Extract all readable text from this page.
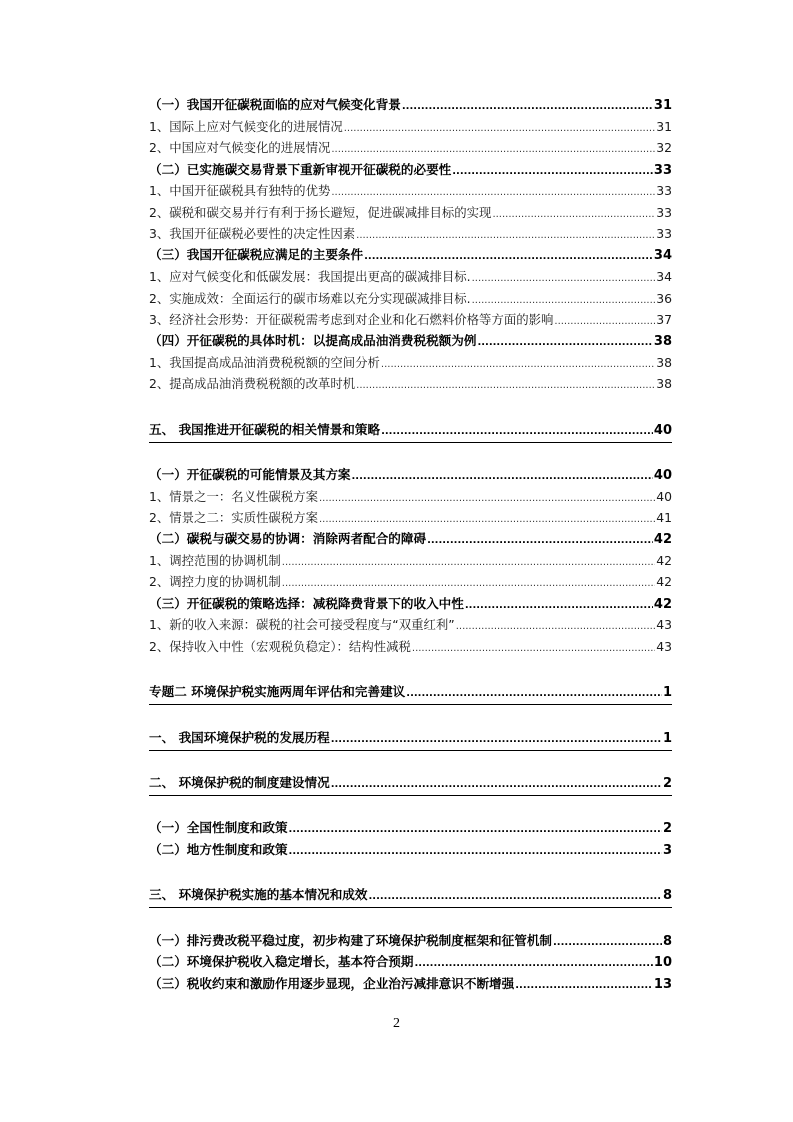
（一）我国开征碳税面临的应对气候变化背景 .....	31
1、国际上应对气候变化的进展情况 .....	31
2、中国应对气候变化的进展情况 .....	32
（二）已实施碳交易背景下重新审视开征碳税的必要性 .....	33
1、中国开征碳税具有独特的优势 .....	33
2、碳税和碳交易并行有利于扬长避短，促进碳减排目标的实现 .....	33
3、我国开征碳税必要性的决定性因素 .....	33
（三）我国开征碳税应满足的主要条件 .....	34
1、应对气候变化和低碳发展：我国提出更高的碳减排目标. .....	34
2、实施成效：全面运行的碳市场难以充分实现碳减排目标. .....	36
3、经济社会形势：开征碳税需考虑到对企业和化石燃料价格等方面的影响 .....	37
（四）开征碳税的具体时机：以提高成品油消费税税额为例 .....	38
1、我国提高成品油消费税税额的空间分析 .....	38
2、提高成品油消费税税额的改革时机 .....	38
五、 我国推进开征碳税的相关情景和策略 .....	40
（一）开征碳税的可能情景及其方案 .....	40
1、情景之一：名义性碳税方案 .....	40
2、情景之二：实质性碳税方案 .....	41
（二）碳税与碳交易的协调：消除两者配合的障碍 .....	42
1、调控范围的协调机制 .....	42
2、调控力度的协调机制 .....	42
（三）开征碳税的策略选择：减税降费背景下的收入中性 .....	42
1、新的收入来源：碳税的社会可接受程度与“双重红利” .....	43
2、保持收入中性（宏观税负稳定）：结构性减税 .....	43
专题二 环境保护税实施两周年评估和完善建议 .....	1
一、 我国环境保护税的发展历程 .....	1
二、 环境保护税的制度建设情况 .....	2
（一）全国性制度和政策 .....	2
（二）地方性制度和政策 .....	3
三、 环境保护税实施的基本情况和成效 .....	8
（一）排污费改税平稳过度，初步构建了环境保护税制度框架和征管机制 .....	8
（二）环境保护税收入稳定增长，基本符合预期 .....	10
（三）税收约束和激励作用逐步显现，企业治污减排意识不断增强 .....	13
2
